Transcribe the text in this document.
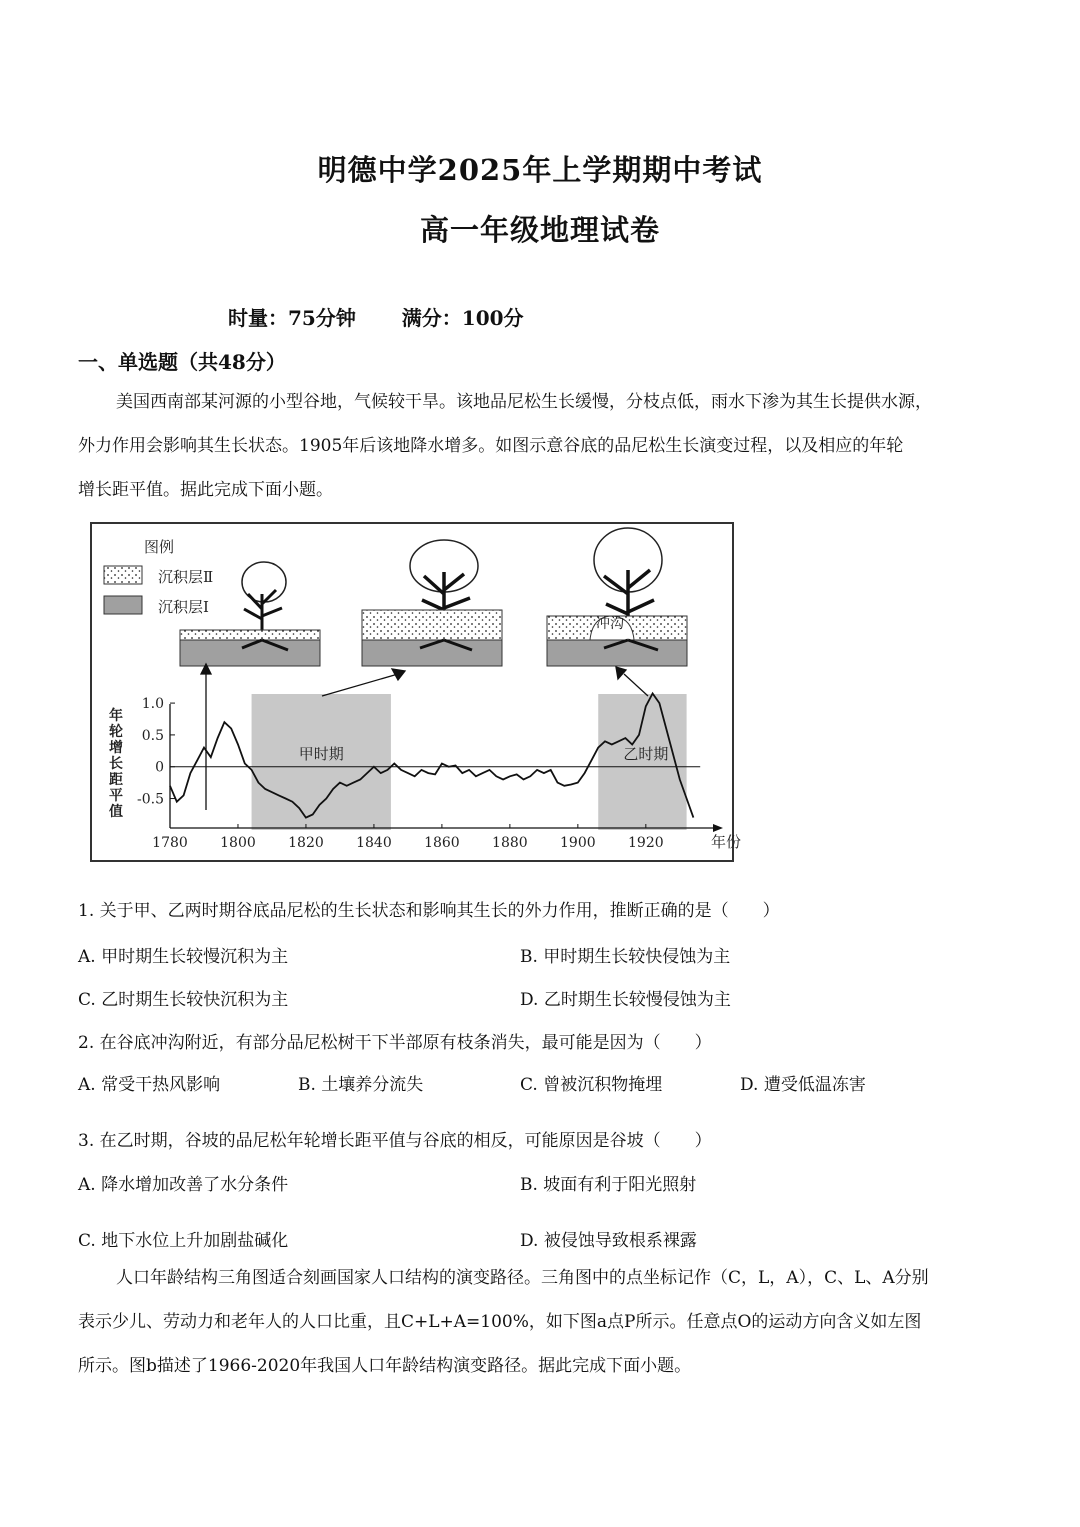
明德中学2025年上学期期中考试
高一年级地理试卷
时量：75分钟 满分：100分
一、单选题（共48分）
美国西南部某河源的小型谷地，气候较干旱。该地品尼松生长缓慢，分枝点低，雨水下渗为其生长提供水源，
外力作用会影响其生长状态。1905年后该地降水增多。如图示意谷底的品尼松生长演变过程，以及相应的年轮
增长距平值。据此完成下面小题。
图例
沉积层Ⅱ
沉积层Ⅰ
冲沟
1780 1800 1820 1840 1860 1880 1900 1920	年份
1.0
0.5
0
-0.5
甲时期	乙时期
年
轮
增
长
距
平
值
1. 关于甲、乙两时期谷底品尼松的生长状态和影响其生长的外力作用，推断正确的是（　　）
A. 甲时期生长较慢沉积为主	B. 甲时期生长较快侵蚀为主
C. 乙时期生长较快沉积为主	D. 乙时期生长较慢侵蚀为主
2. 在谷底冲沟附近，有部分品尼松树干下半部原有枝条消失，最可能是因为（　　）
A. 常受干热风影响	B. 土壤养分流失	C. 曾被沉积物掩埋	D. 遭受低温冻害
3. 在乙时期，谷坡的品尼松年轮增长距平值与谷底的相反，可能原因是谷坡（　　）
A. 降水增加改善了水分条件	B. 坡面有利于阳光照射
C. 地下水位上升加剧盐碱化	D. 被侵蚀导致根系裸露
人口年龄结构三角图适合刻画国家人口结构的演变路径。三角图中的点坐标记作（C，L，A），C、L、A分别
表示少儿、劳动力和老年人的人口比重，且C+L+A=100%，如下图a点P所示。任意点O的运动方向含义如左图
所示。图b描述了1966-2020年我国人口年龄结构演变路径。据此完成下面小题。
